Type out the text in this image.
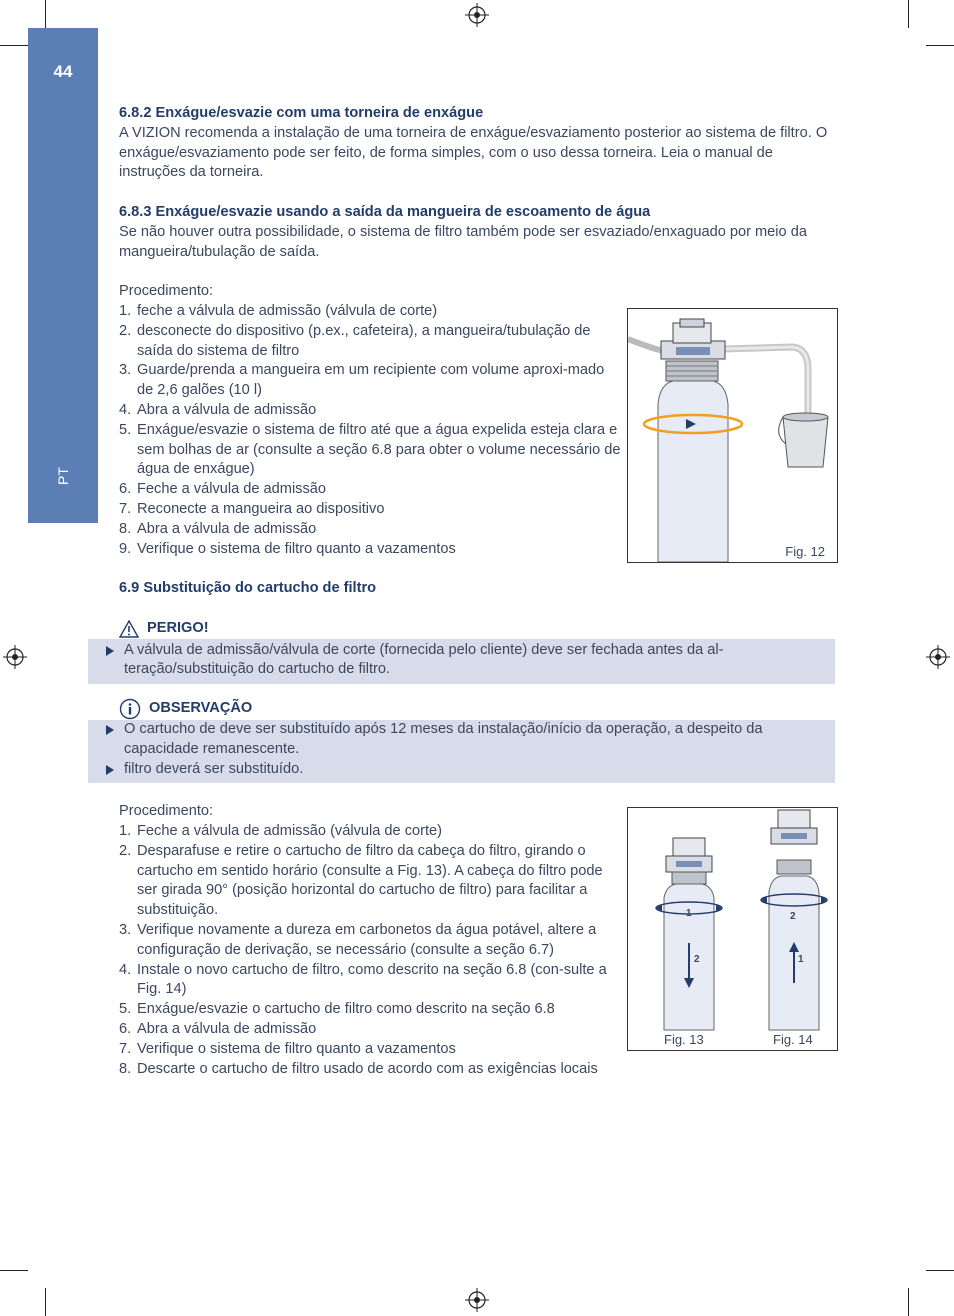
44
PT
6.8.2 Enxágue/esvazie com uma torneira de enxágue

A VIZION recomenda a instalação de uma torneira de enxágue/esvaziamento posterior ao sistema de filtro. O enxágue/esvaziamento pode ser feito, de forma simples, com o uso dessa torneira. Leia o manual de instruções da torneira.

6.8.3 Enxágue/esvazie usando a saída da mangueira de escoamento de água

Se não houver outra possibilidade, o sistema de filtro também pode ser esvaziado/enxaguado por meio da mangueira/tubulação de saída.

Procedimento:

1. feche a válvula de admissão (válvula de corte)
2. desconecte do dispositivo (p.ex., cafeteira), a mangueira/tubulação de saída do sistema de filtro
3. Guarde/prenda a mangueira em um recipiente com volume aproxi-mado de 2,6 galões (10 l)
4. Abra a válvula de admissão
5. Enxágue/esvazie o sistema de filtro até que a água expelida esteja clara e sem bolhas de ar (consulte a seção 6.8 para obter o volume necessário de água de enxágue)
6. Feche a válvula de admissão
7. Reconecte a mangueira ao dispositivo
8. Abra a válvula de admissão
9. Verifique o sistema de filtro quanto a vazamentos
6.9 Substituição do cartucho de filtro
PERIGO!
A válvula de admissão/válvula de corte (fornecida pelo cliente) deve ser fechada antes da al-teração/substituição do cartucho de filtro.
OBSERVAÇÃO
O cartucho de deve ser substituído após 12 meses da instalação/início da operação, a despeito da capacidade remanescente.
filtro deverá ser substituído.

Procedimento:

1. Feche a válvula de admissão (válvula de corte)
2. Desparafuse e retire o cartucho de filtro da cabeça do filtro, girando o cartucho em sentido horário (consulte a Fig. 13). A cabeça do filtro pode ser girada 90° (posição horizontal do cartucho de filtro) para facilitar a substituição.
3. Verifique novamente a dureza em carbonetos da água potável, altere a configuração de derivação, se necessário (consulte a seção 6.7)
4. Instale o novo cartucho de filtro, como descrito na seção 6.8 (con-sulte a Fig. 14)
5. Enxágue/esvazie o cartucho de filtro como descrito na seção 6.8
6. Abra a válvula de admissão
7. Verifique o sistema de filtro quanto a vazamentos
8. Descarte o cartucho de filtro usado de acordo com as exigências locais
Fig. 12
1
2
2
1
Fig. 13	Fig. 14
